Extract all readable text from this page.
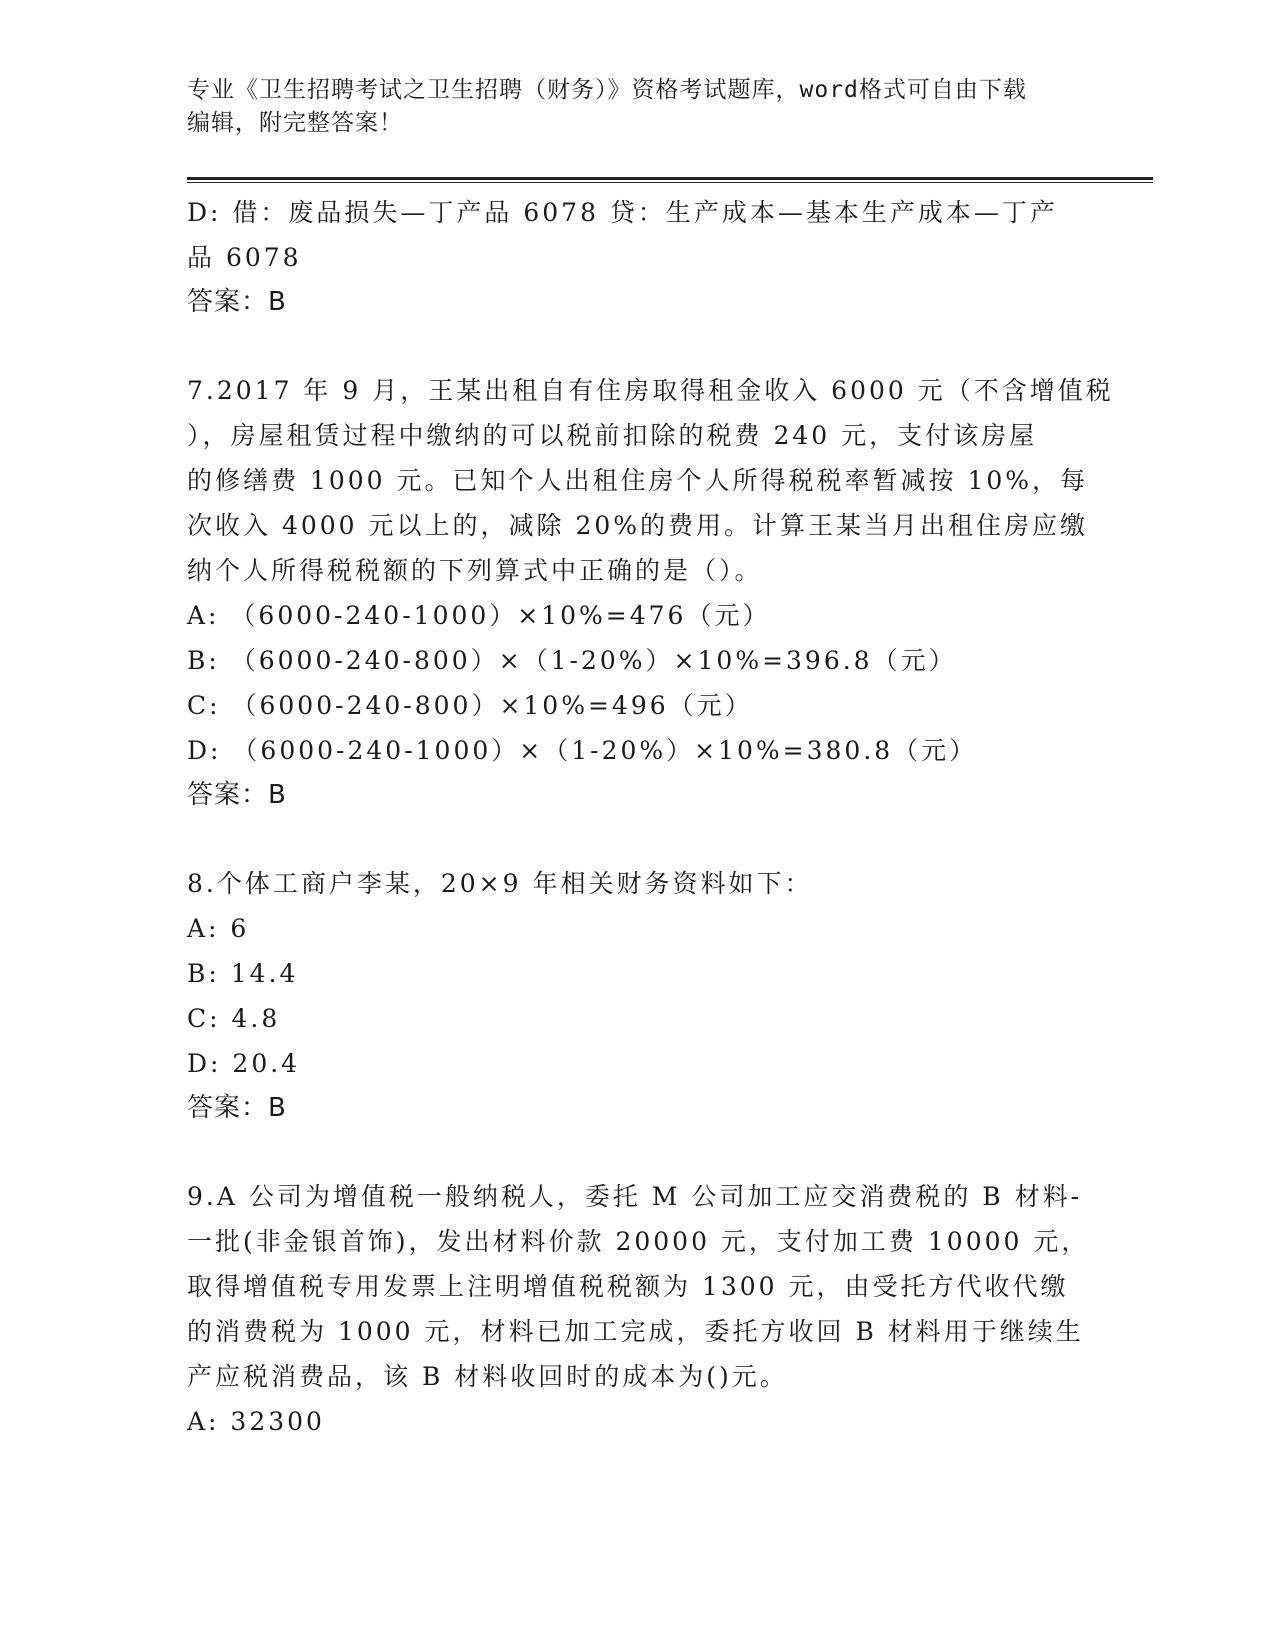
专业《卫生招聘考试之卫生招聘（财务）》资格考试题库，word格式可自由下载
编辑，附完整答案！
D: 借：废品损失—丁产品 6078 贷：生产成本—基本生产成本—丁产
品 6078
答案：B
7.2017 年 9 月，王某出租自有住房取得租金收入 6000 元（不含增值税
），房屋租赁过程中缴纳的可以税前扣除的税费 240 元，支付该房屋
的修缮费 1000 元。已知个人出租住房个人所得税税率暂减按 10%，每
次收入 4000 元以上的，减除 20%的费用。计算王某当月出租住房应缴
纳个人所得税税额的下列算式中正确的是（）。
A: （6000-240-1000）×10%=476（元）
B: （6000-240-800）×（1-20%）×10%=396.8（元）
C: （6000-240-800）×10%=496（元）
D: （6000-240-1000）×（1-20%）×10%=380.8（元）
答案：B
8.个体工商户李某，20×9 年相关财务资料如下：
A: 6
B: 14.4
C: 4.8
D: 20.4
答案：B
9.A 公司为增值税一般纳税人，委托 M 公司加工应交消费税的 B 材料-
一批(非金银首饰)，发出材料价款 20000 元，支付加工费 10000 元，
取得增值税专用发票上注明增值税税额为 1300 元，由受托方代收代缴
的消费税为 1000 元，材料已加工完成，委托方收回 B 材料用于继续生
产应税消费品，该 B 材料收回时的成本为()元。
A: 32300
